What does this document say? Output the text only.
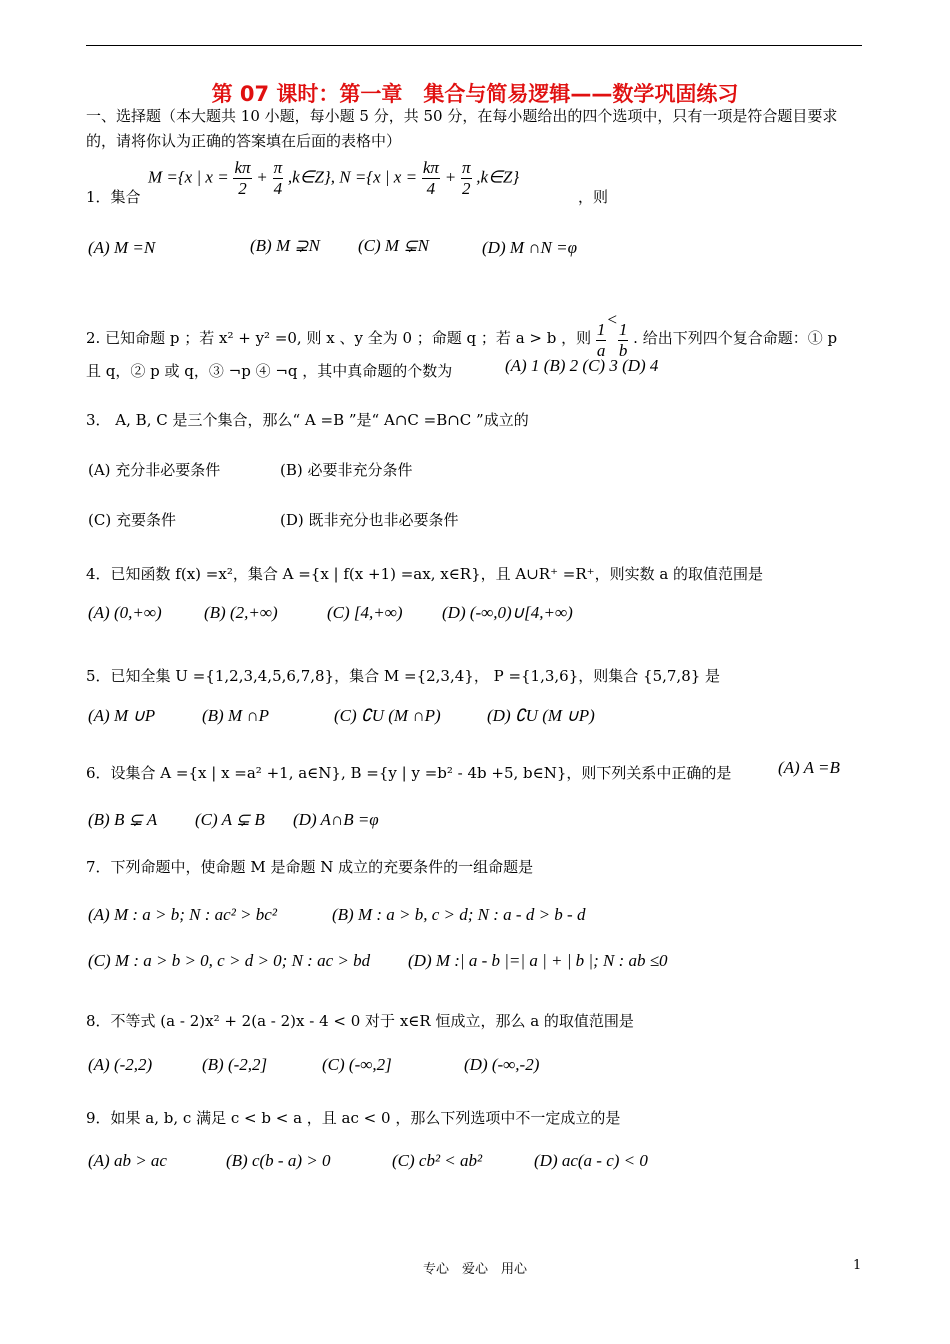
第 07 课时：第一章　集合与简易逻辑——数学巩固练习
一、选择题（本大题共 10 小题，每小题 5 分，共 50 分，在每小题给出的四个选项中，只有一项是符合题目要求
的，请将你认为正确的答案填在后面的表格中）
1．集合
M ={x | $x = \frac{k\pi}{2} + \frac{\pi}{4}$ ,k∈Z}, N ={x | $x = \frac{k\pi}{4} + \frac{\pi}{2}$ ,k∈Z}
，则
(A) M =N	(B) M ⊋N (C) M ⊊N	(D) M ∩N =φ
2. 已知命题 p ；若 x² + y² =0, 则 x 、y 全为 0 ；命题 q ；若 a > b ，则 $\frac{1}{a}$
<
$\frac{1}{b}$ . 给出下列四个复合命题：① p
且 q，② p 或 q，③ ¬p ④ ¬q ，其中真命题的个数为	(A) 1 (B) 2 (C) 3 (D) 4
3． A, B, C 是三个集合，那么“ A =B ”是“ A∩C =B∩C ”成立的
(A) 充分非必要条件	(B) 必要非充分条件
(C) 充要条件	(D) 既非充分也非必要条件
4．已知函数 f(x) =x²，集合 A ={x | f(x +1) =ax, x∈R}，且 A∪R⁺ =R⁺，则实数 a 的取值范围是
(A) (0,+∞) (B) (2,+∞)	(C) [4,+∞) (D) (-∞,0)∪[4,+∞)
5．已知全集 U ={1,2,3,4,5,6,7,8}，集合 M ={2,3,4}， P ={1,3,6}，则集合 {5,7,8} 是
(A) M ∪P	(B) M ∩P	(C) ∁U (M ∩P)	(D) ∁U (M ∪P)
6．设集合 A ={x | x =a² +1, a∈N}, B ={y | y =b² - 4b +5, b∈N}，则下列关系中正确的是	(A) A =B
(B) B ⊊ A (C) A ⊊ B (D) A∩B =φ
7．下列命题中，使命题 M 是命题 N 成立的充要条件的一组命题是
(A) M : a > b; N : ac² > bc²	(B) M : a > b, c > d; N : a - d > b - d
(C) M : a > b > 0, c > d > 0; N : ac > bd (D) M :| a - b |=| a | + | b |; N : ab ≤0
8．不等式 (a - 2)x² + 2(a - 2)x - 4 < 0 对于 x∈R 恒成立，那么 a 的取值范围是
(A) (-2,2)	(B) (-2,2]	(C) (-∞,2]	(D) (-∞,-2)
9．如果 a, b, c 满足 c < b < a ，且 ac < 0 ，那么下列选项中不一定成立的是
(A) ab > ac	(B) c(b - a) > 0	(C) cb² < ab²	(D) ac(a - c) < 0
专心　爱心　用心	1
